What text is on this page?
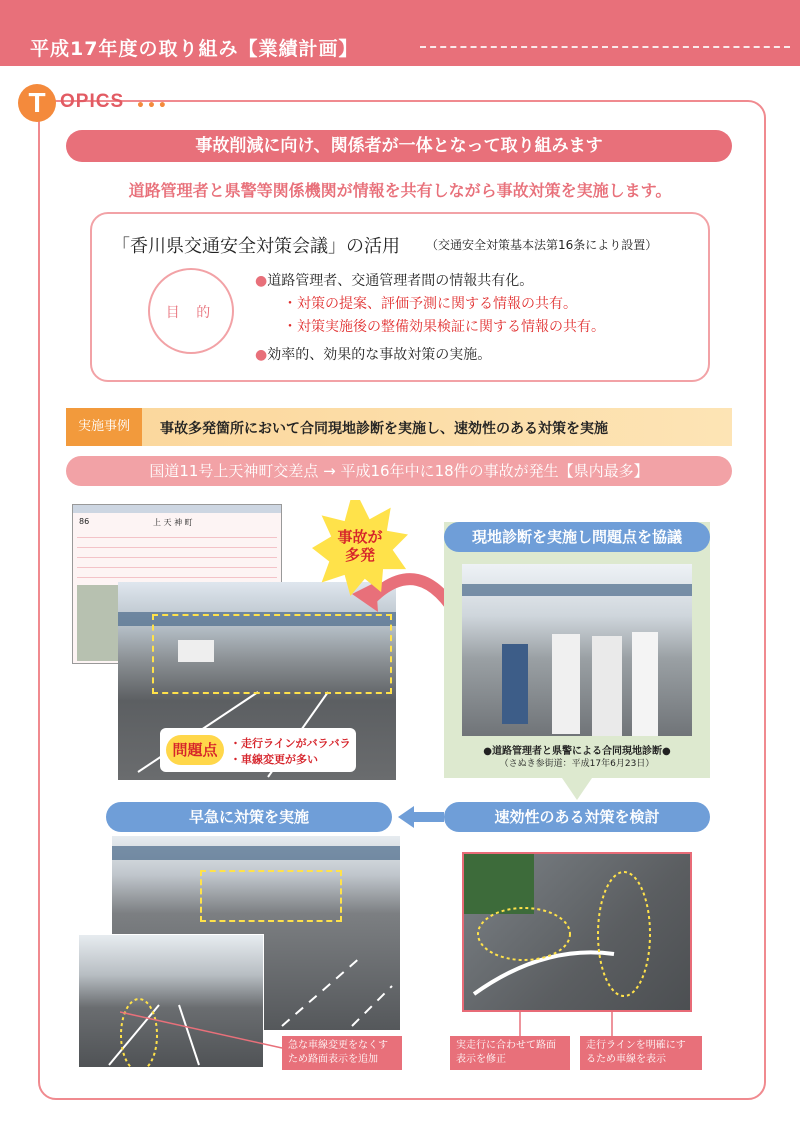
平成17年度の取り組み【業績計画】
T OPICS •••
事故削減に向け、関係者が一体となって取り組みます
道路管理者と県警等関係機関が情報を共有しながら事故対策を実施します。
「香川県交通安全対策会議」の活用 （交通安全対策基本法第16条により設置）
目 的
●道路管理者、交通管理者間の情報共有化。
・対策の提案、評価予測に関する情報の共有。
・対策実施後の整備効果検証に関する情報の共有。
●効率的、効果的な事故対策の実施。
実施事例	事故多発箇所において合同現地診断を実施し、速効性のある対策を実施
国道11号上天神町交差点 → 平成16年中に18件の事故が発生【県内最多】
86	上 天 神 町
事故が
多発
問題点	・走行ラインがバラバラ
・車線変更が多い
現地診断を実施し問題点を協議
●道路管理者と県警による合同現地診断●
（さぬき参街道：平成17年6月23日）
早急に対策を実施	速効性のある対策を検討
急な車線変更をなくす
ため路面表示を追加
実走行に合わせて路面
表示を修正
走行ラインを明確にす
るため車線を表示
